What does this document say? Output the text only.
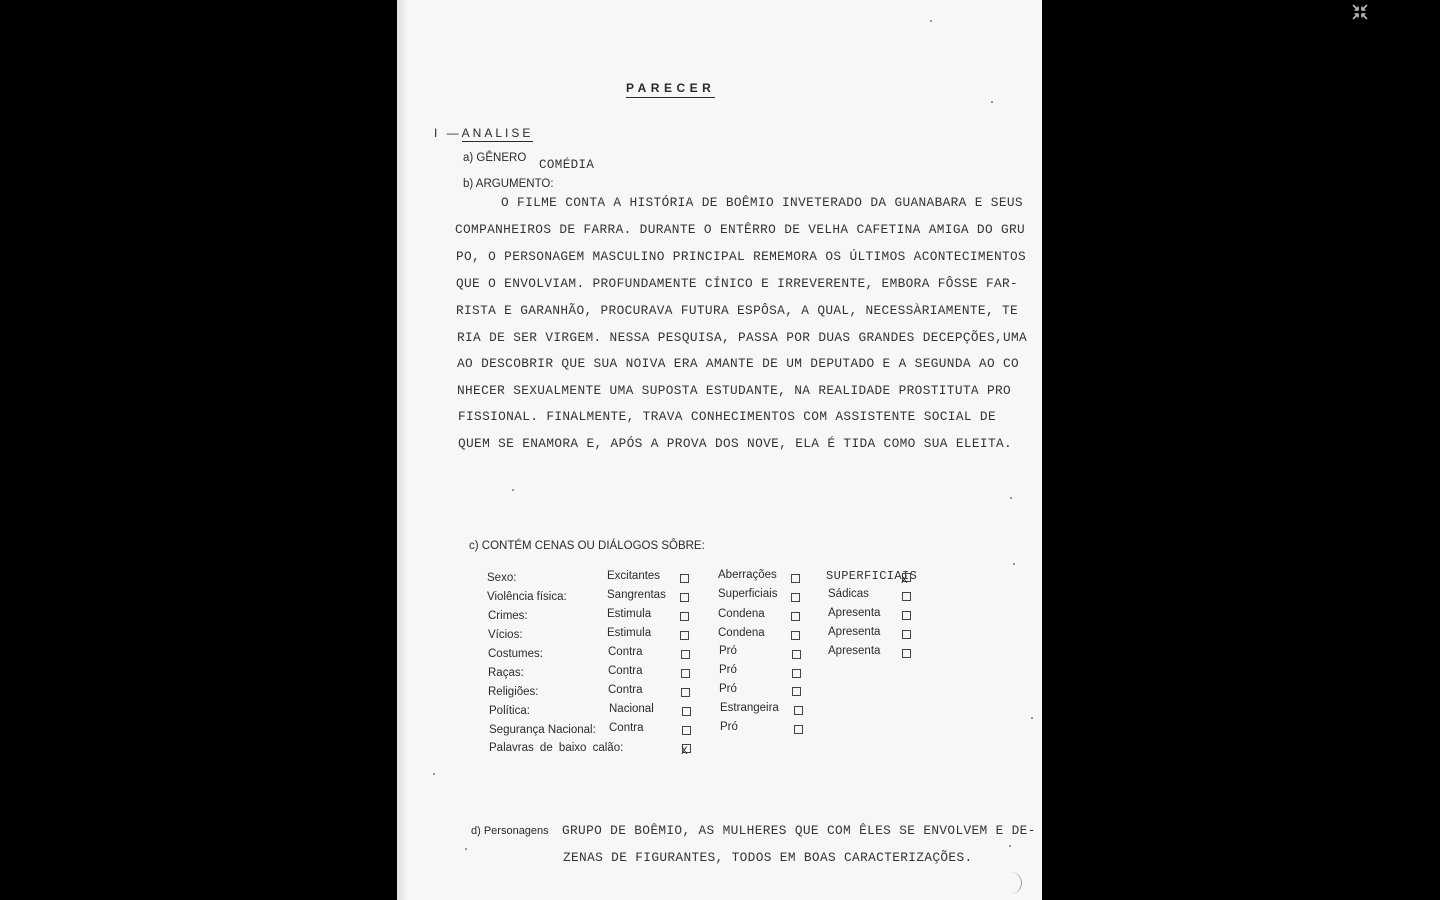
PARECER
I —ANALISE
a) GÊNERO COMÉDIA
b) ARGUMENTO:
O FILME CONTA A HISTÓRIA DE BOÊMIO INVETERADO DA GUANABARA E SEUS
COMPANHEIROS DE FARRA. DURANTE O ENTÊRRO DE VELHA CAFETINA AMIGA DO GRU
PO, O PERSONAGEM MASCULINO PRINCIPAL REMEMORA OS ÚLTIMOS ACONTECIMENTOS
QUE O ENVOLVIAM. PROFUNDAMENTE CÍNICO E IRREVERENTE, EMBORA FÔSSE FAR-
RISTA E GARANHÃO, PROCURAVA FUTURA ESPÔSA, A QUAL, NECESSÀRIAMENTE, TE
RIA DE SER VIRGEM. NESSA PESQUISA, PASSA POR DUAS GRANDES DECEPÇÕES,UMA
AO DESCOBRIR QUE SUA NOIVA ERA AMANTE DE UM DEPUTADO E A SEGUNDA AO CO
NHECER SEXUALMENTE UMA SUPOSTA ESTUDANTE, NA REALIDADE PROSTITUTA PRO
FISSIONAL. FINALMENTE, TRAVA CONHECIMENTOS COM ASSISTENTE SOCIAL DE
QUEM SE ENAMORA E, APÓS A PROVA DOS NOVE, ELA É TIDA COMO SUA ELEITA.
c) CONTÉM CENAS OU DIÁLOGOS SÔBRE:
Sexo:	Excitantes	Aberrações	SUPERFICIAIS
X
Violência física:	Sangrentas	Superficiais	Sádicas
Crimes:	Estimula	Condena	Apresenta
Vícios:	Estimula	Condena	Apresenta
Costumes:	Contra	Pró	Apresenta
Raças:	Contra	Pró
Religiões:	Contra	Pró
Política:	Nacional	Estrangeira
Segurança Nacional: Contra	Pró
Palavras de baixo calão:
X
d) Personagens GRUPO DE BOÊMIO, AS MULHERES QUE COM ÊLES SE ENVOLVEM E DE-
ZENAS DE FIGURANTES, TODOS EM BOAS CARACTERIZAÇÕES.
